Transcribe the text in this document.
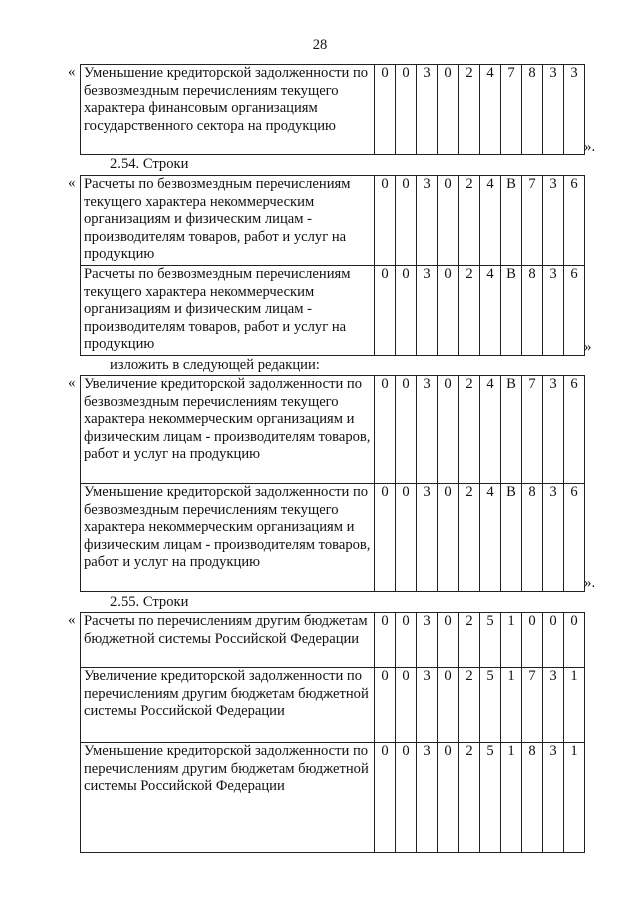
28
« Уменьшение кредиторской задолженности по безвозмездным перечислениям текущего характера финансовым организациям государственного сектора на продукцию	0	0	3	0	2	4	7	8	3	3
».
2.54. Строки
« Расчеты по безвозмездным перечислениям текущего характера некоммерческим организациям и физическим лицам - производителям товаров, работ и услуг на продукцию	0	0	3	0	2	4	В	7	3	6
Расчеты по безвозмездным перечислениям текущего характера некоммерческим организациям и физическим лицам - производителям товаров, работ и услуг на продукцию	0	0	3	0	2	4	В	8	3	6
»
изложить в следующей редакции:
« Увеличение кредиторской задолженности по безвозмездным перечислениям текущего характера некоммерческим организациям и физическим лицам - производителям товаров, работ и услуг на продукцию	0	0	3	0	2	4	В	7	3	6
Уменьшение кредиторской задолженности по безвозмездным перечислениям текущего характера некоммерческим организациям и физическим лицам - производителям товаров, работ и услуг на продукцию	0	0	3	0	2	4	В	8	3	6
».
2.55. Строки
« Расчеты по перечислениям другим бюджетам бюджетной системы Российской Федерации	0	0	3	0	2	5	1	0	0	0
Увеличение кредиторской задолженности по перечислениям другим бюджетам бюджетной системы Российской Федерации	0	0	3	0	2	5	1	7	3	1
Уменьшение кредиторской задолженности по перечислениям другим бюджетам бюджетной системы Российской Федерации	0	0	3	0	2	5	1	8	3	1
